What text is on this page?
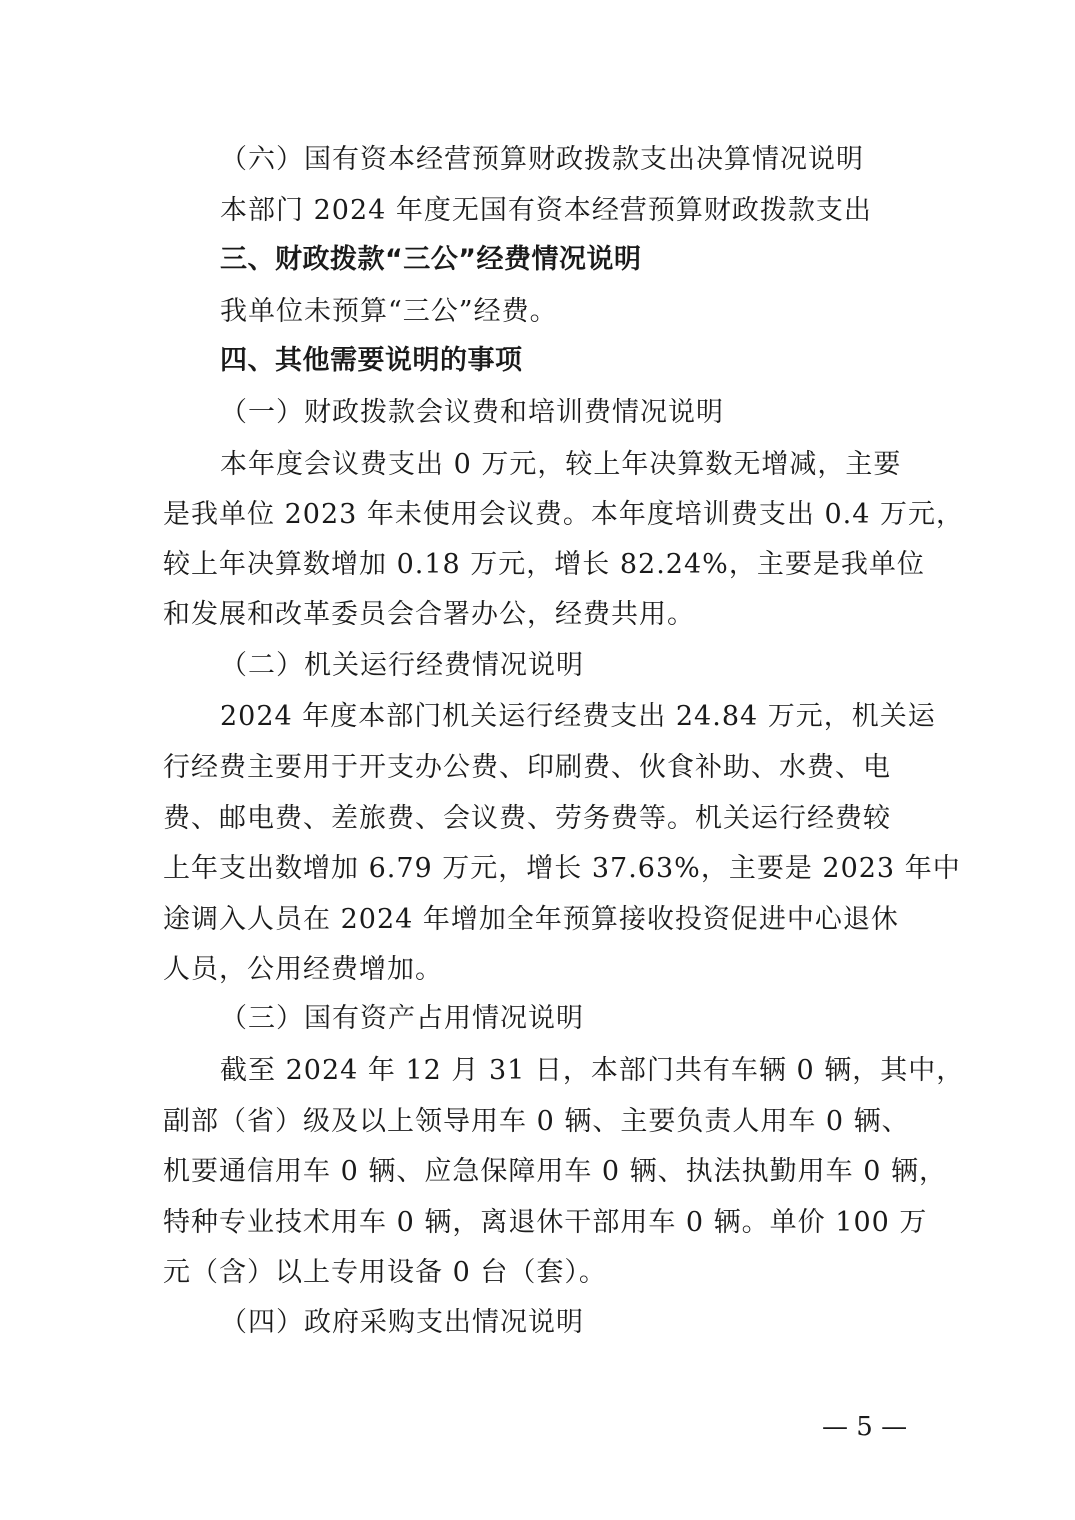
（六）国有资本经营预算财政拨款支出决算情况说明
本部门 2024 年度无国有资本经营预算财政拨款支出
三、财政拨款“三公”经费情况说明
我单位未预算“三公”经费。
四、其他需要说明的事项
（一）财政拨款会议费和培训费情况说明
本年度会议费支出 0 万元，较上年决算数无增减，主要
是我单位 2023 年未使用会议费。本年度培训费支出 0.4 万元，
较上年决算数增加 0.18 万元，增长 82.24%，主要是我单位
和发展和改革委员会合署办公，经费共用。
（二）机关运行经费情况说明
2024 年度本部门机关运行经费支出 24.84 万元，机关运
行经费主要用于开支办公费、印刷费、伙食补助、水费、电
费、邮电费、差旅费、会议费、劳务费等。机关运行经费较
上年支出数增加 6.79 万元，增长 37.63%，主要是 2023 年中
途调入人员在 2024 年增加全年预算接收投资促进中心退休
人员，公用经费增加。
（三）国有资产占用情况说明
截至 2024 年 12 月 31 日，本部门共有车辆 0 辆，其中，
副部（省）级及以上领导用车 0 辆、主要负责人用车 0 辆、
机要通信用车 0 辆、应急保障用车 0 辆、执法执勤用车 0 辆，
特种专业技术用车 0 辆，离退休干部用车 0 辆。单价 100 万
元（含）以上专用设备 0 台（套）。
（四）政府采购支出情况说明
— 5 —
